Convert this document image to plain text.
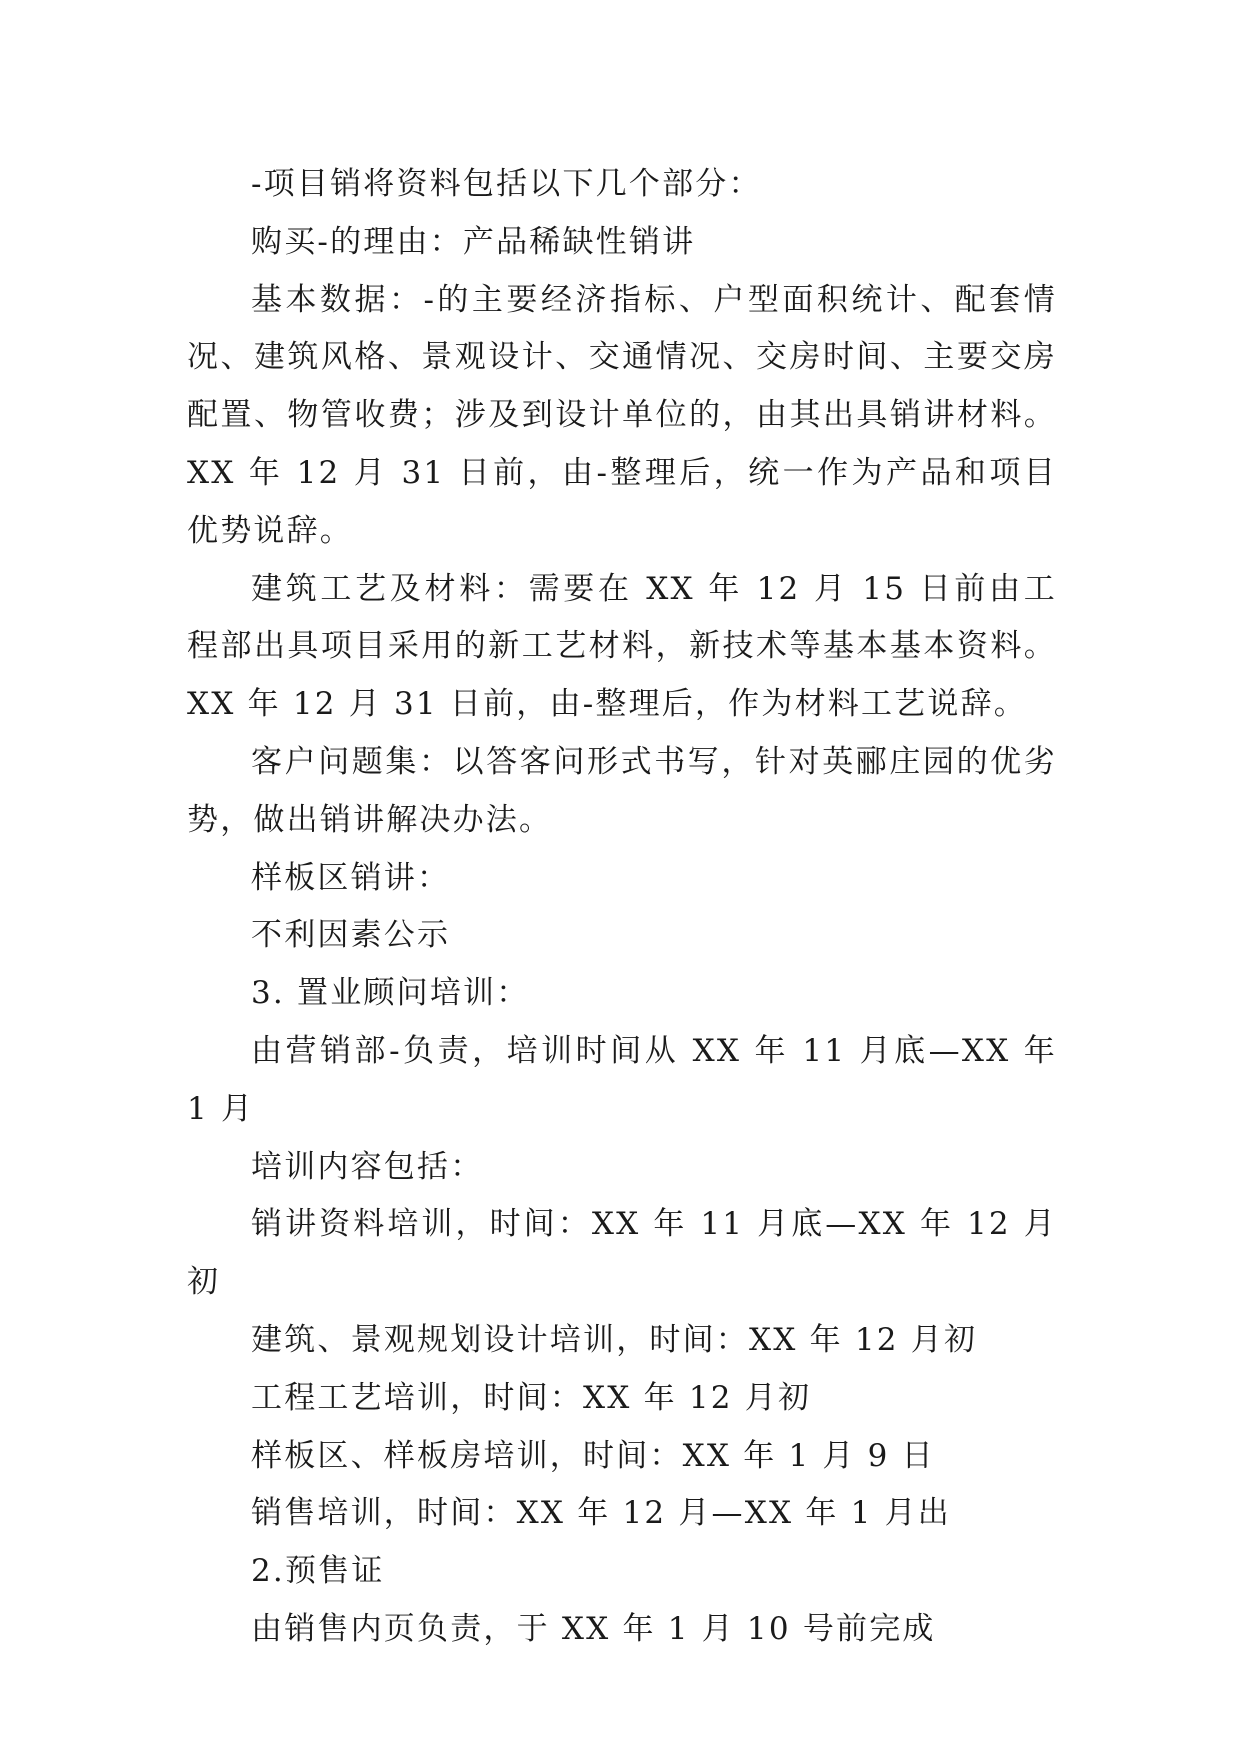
-项目销将资料包括以下几个部分：

购买-的理由：产品稀缺性销讲

基本数据：-的主要经济指标、户型面积统计、配套情况、建筑风格、景观设计、交通情况、交房时间、主要交房配置、物管收费；涉及到设计单位的，由其出具销讲材料。XX 年 12 月 31 日前，由-整理后，统一作为产品和项目优势说辞。

建筑工艺及材料：需要在 XX 年 12 月 15 日前由工程部出具项目采用的新工艺材料，新技术等基本基本资料。XX 年 12 月 31 日前，由-整理后，作为材料工艺说辞。

客户问题集：以答客问形式书写，针对英郦庄园的优劣势，做出销讲解决办法。

样板区销讲：

不利因素公示

3. 置业顾问培训：

由营销部-负责，培训时间从 XX 年 11 月底—XX 年 1 月

培训内容包括：

销讲资料培训，时间：XX 年 11 月底—XX 年 12 月初

建筑、景观规划设计培训，时间：XX 年 12 月初

工程工艺培训，时间：XX 年 12 月初

样板区、样板房培训，时间：XX 年 1 月 9 日

销售培训，时间：XX 年 12 月—XX 年 1 月出

2.预售证

由销售内页负责，于 XX 年 1 月 10 号前完成
